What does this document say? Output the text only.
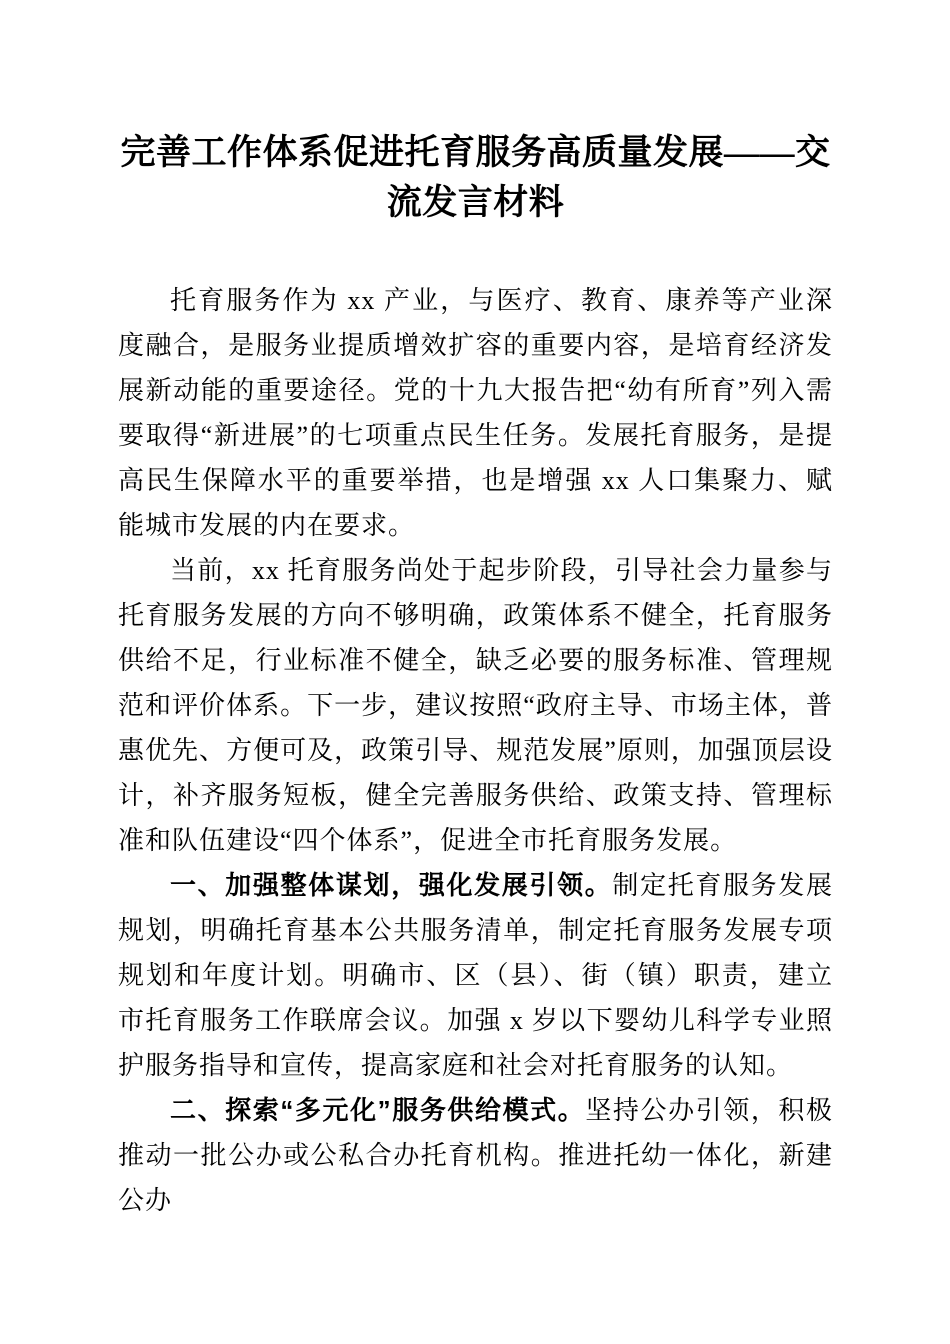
完善工作体系促进托育服务高质量发展——交流发言材料

托育服务作为 xx 产业，与医疗、教育、康养等产业深度融合，是服务业提质增效扩容的重要内容，是培育经济发展新动能的重要途径。党的十九大报告把“幼有所育”列入需要取得“新进展”的七项重点民生任务。发展托育服务，是提高民生保障水平的重要举措，也是增强 xx 人口集聚力、赋能城市发展的内在要求。

当前，xx 托育服务尚处于起步阶段，引导社会力量参与托育服务发展的方向不够明确，政策体系不健全，托育服务供给不足，行业标准不健全，缺乏必要的服务标准、管理规范和评价体系。下一步，建议按照“政府主导、市场主体，普惠优先、方便可及，政策引导、规范发展”原则，加强顶层设计，补齐服务短板，健全完善服务供给、政策支持、管理标准和队伍建设“四个体系”，促进全市托育服务发展。

一、加强整体谋划，强化发展引领。制定托育服务发展规划，明确托育基本公共服务清单，制定托育服务发展专项规划和年度计划。明确市、区（县）、街（镇）职责，建立市托育服务工作联席会议。加强 x 岁以下婴幼儿科学专业照护服务指导和宣传，提高家庭和社会对托育服务的认知。

二、探索“多元化”服务供给模式。坚持公办引领，积极推动一批公办或公私合办托育机构。推进托幼一体化，新建公办
